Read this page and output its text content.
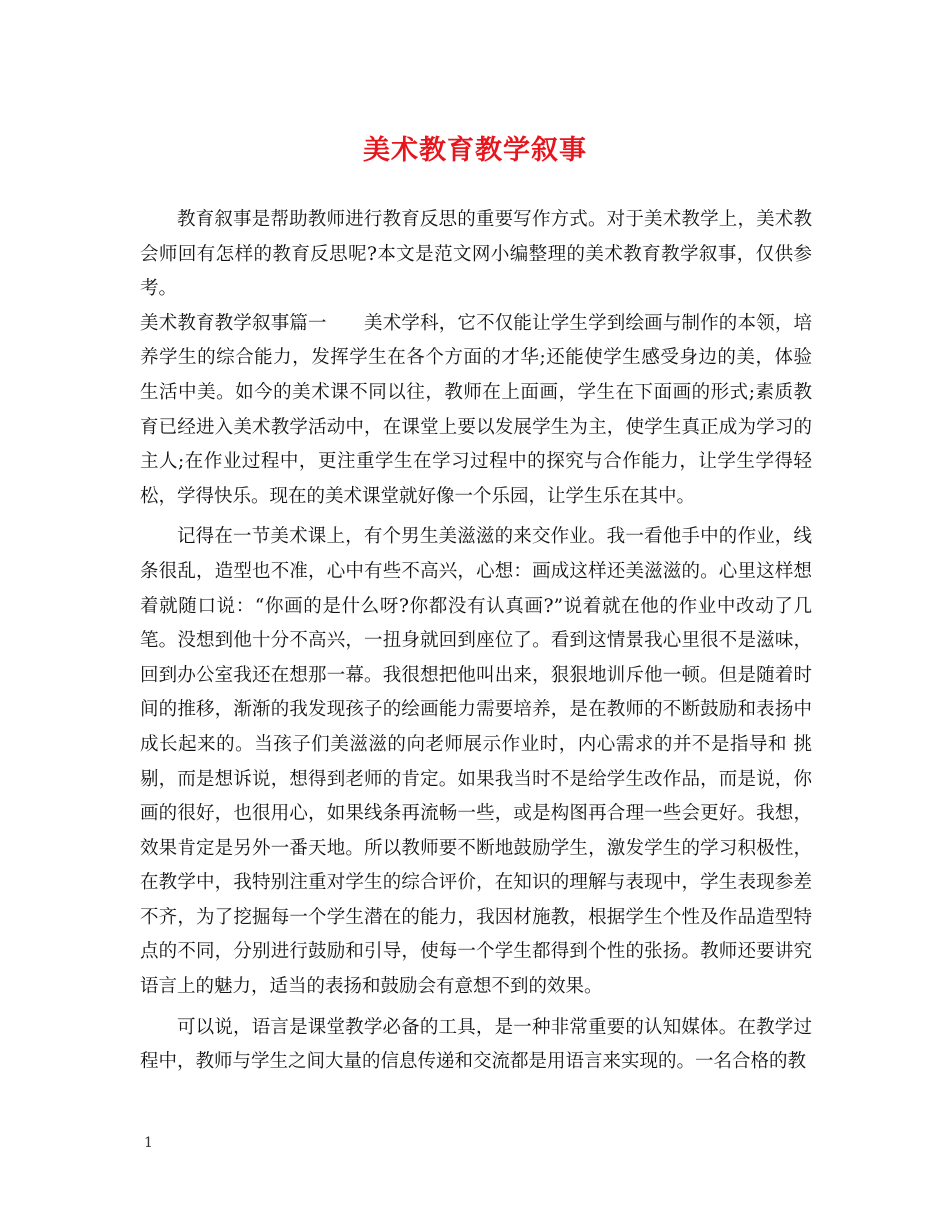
美术教育教学叙事

教育叙事是帮助教师进行教育反思的重要写作方式。对于美术教学上，美术教会师回有怎样的教育反思呢?本文是范文网小编整理的美术教育教学叙事，仅供参考。

美术教育教学叙事篇一　　美术学科，它不仅能让学生学到绘画与制作的本领，培养学生的综合能力，发挥学生在各个方面的才华;还能使学生感受身边的美，体验生活中美。如今的美术课不同以往，教师在上面画，学生在下面画的形式;素质教育已经进入美术教学活动中，在课堂上要以发展学生为主，使学生真正成为学习的主人;在作业过程中，更注重学生在学习过程中的探究与合作能力，让学生学得轻松，学得快乐。现在的美术课堂就好像一个乐园，让学生乐在其中。

记得在一节美术课上，有个男生美滋滋的来交作业。我一看他手中的作业，线条很乱，造型也不准，心中有些不高兴，心想：画成这样还美滋滋的。心里这样想着就随口说：“你画的是什么呀?你都没有认真画?”说着就在他的作业中改动了几笔。没想到他十分不高兴，一扭身就回到座位了。看到这情景我心里很不是滋味，回到办公室我还在想那一幕。我很想把他叫出来，狠狠地训斥他一顿。但是随着时间的推移，渐渐的我发现孩子的绘画能力需要培养，是在教师的不断鼓励和表扬中成长起来的。当孩子们美滋滋的向老师展示作业时，内心需求的并不是指导和 挑剔，而是想诉说，想得到老师的肯定。如果我当时不是给学生改作品，而是说，你画的很好，也很用心，如果线条再流畅一些，或是构图再合理一些会更好。我想，效果肯定是另外一番天地。所以教师要不断地鼓励学生，激发学生的学习积极性，在教学中，我特别注重对学生的综合评价，在知识的理解与表现中，学生表现参差不齐，为了挖掘每一个学生潜在的能力，我因材施教，根据学生个性及作品造型特点的不同，分别进行鼓励和引导，使每一个学生都得到个性的张扬。教师还要讲究语言上的魅力，适当的表扬和鼓励会有意想不到的效果。

可以说，语言是课堂教学必备的工具，是一种非常重要的认知媒体。在教学过程中，教师与学生之间大量的信息传递和交流都是用语言来实现的。一名合格的教

1
